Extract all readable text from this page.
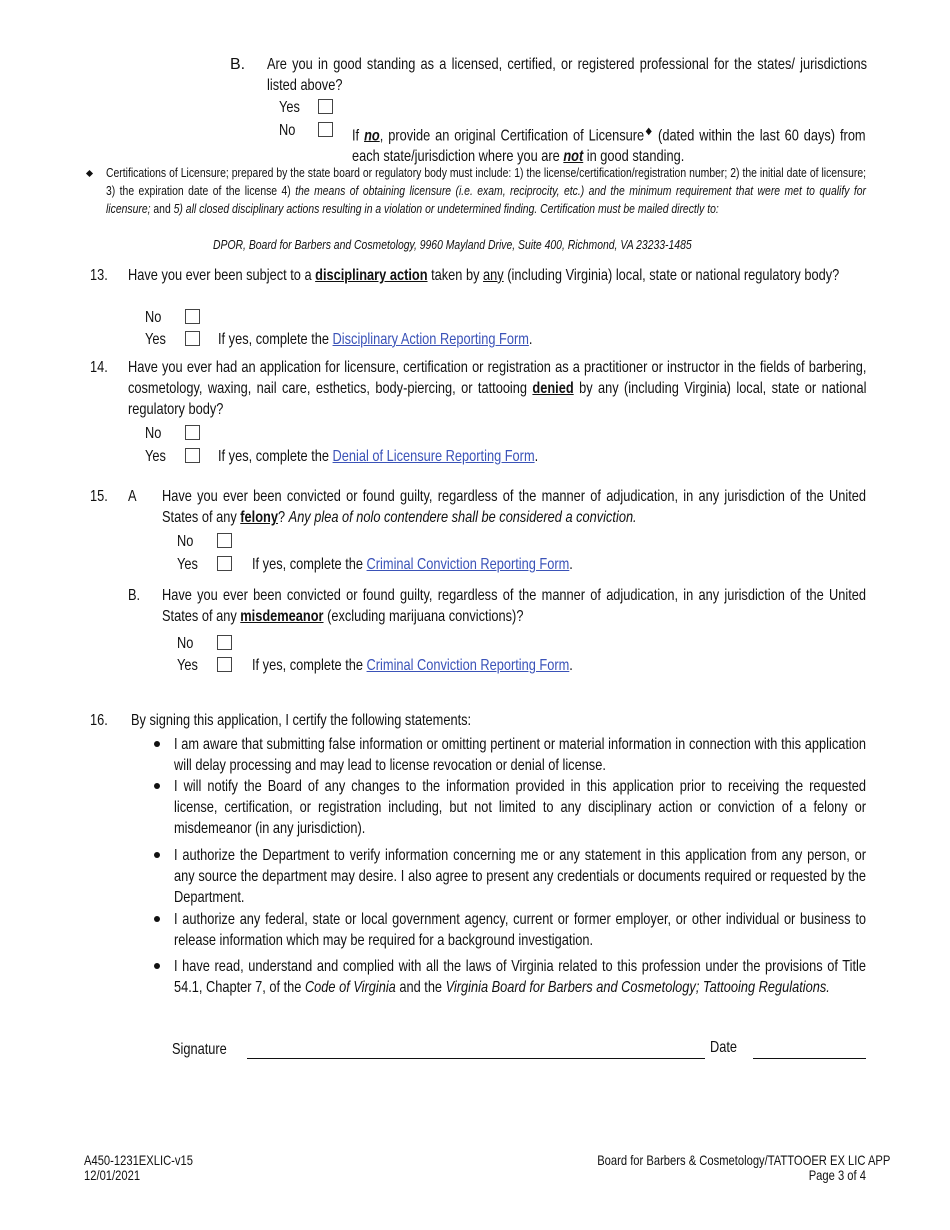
B. Are you in good standing as a licensed, certified, or registered professional for the states/ jurisdictions listed above?
Yes
No	If no, provide an original Certification of Licensure◆ (dated within the last 60 days) from each state/jurisdiction where you are not in good standing.
Certifications of Licensure; prepared by the state board or regulatory body must include: 1) the license/certification/registration number; 2) the initial date of licensure; 3) the expiration date of the license 4) the means of obtaining licensure (i.e. exam, reciprocity, etc.) and the minimum requirement that were met to qualify for licensure; and 5) all closed disciplinary actions resulting in a violation or undetermined finding. Certification must be mailed directly to:
DPOR, Board for Barbers and Cosmetology, 9960 Mayland Drive, Suite 400, Richmond, VA 23233-1485
13. Have you ever been subject to a disciplinary action taken by any (including Virginia) local, state or national regulatory body?
No
Yes	If yes, complete the Disciplinary Action Reporting Form.
14. Have you ever had an application for licensure, certification or registration as a practitioner or instructor in the fields of barbering, cosmetology, waxing, nail care, esthetics, body-piercing, or tattooing denied by any (including Virginia) local, state or national regulatory body?
No
Yes	If yes, complete the Denial of Licensure Reporting Form.
15. A Have you ever been convicted or found guilty, regardless of the manner of adjudication, in any jurisdiction of the United States of any felony? Any plea of nolo contendere shall be considered a conviction.
No
Yes	If yes, complete the Criminal Conviction Reporting Form.
B. Have you ever been convicted or found guilty, regardless of the manner of adjudication, in any jurisdiction of the United States of any misdemeanor (excluding marijuana convictions)?
No
Yes	If yes, complete the Criminal Conviction Reporting Form.
16. By signing this application, I certify the following statements:
I am aware that submitting false information or omitting pertinent or material information in connection with this application will delay processing and may lead to license revocation or denial of license.
I will notify the Board of any changes to the information provided in this application prior to receiving the requested license, certification, or registration including, but not limited to any disciplinary action or conviction of a felony or misdemeanor (in any jurisdiction).
I authorize the Department to verify information concerning me or any statement in this application from any person, or any source the department may desire. I also agree to present any credentials or documents required or requested by the Department.
I authorize any federal, state or local government agency, current or former employer, or other individual or business to release information which may be required for a background investigation.
I have read, understand and complied with all the laws of Virginia related to this profession under the provisions of Title 54.1, Chapter 7, of the Code of Virginia and the Virginia Board for Barbers and Cosmetology; Tattooing Regulations.
Signature	Date
A450-1231EXLIC-v15
12/01/2021
Board for Barbers & Cosmetology/TATTOOER EX LIC APP
Page 3 of 4
